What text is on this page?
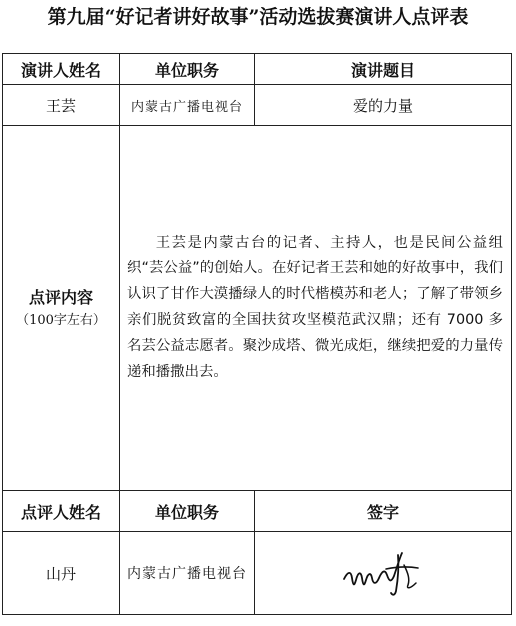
第九届“好记者讲好故事”活动选拔赛演讲人点评表
演讲人姓名	单位职务	演讲题目
王芸	内蒙古广播电视台	爱的力量

点评内容
（100字左右）	王芸是内蒙古台的记者、主持人，也是民间公益组织“芸公益”的创始人。在好记者王芸和她的好故事中，我们认识了甘作大漠播绿人的时代楷模苏和老人；了解了带领乡亲们脱贫致富的全国扶贫攻坚模范武汉鼎；还有 7000 多名芸公益志愿者。聚沙成塔、微光成炬，继续把爱的力量传递和播撒出去。	

点评人姓名	单位职务	签字
山丹	内蒙古广播电视台	
